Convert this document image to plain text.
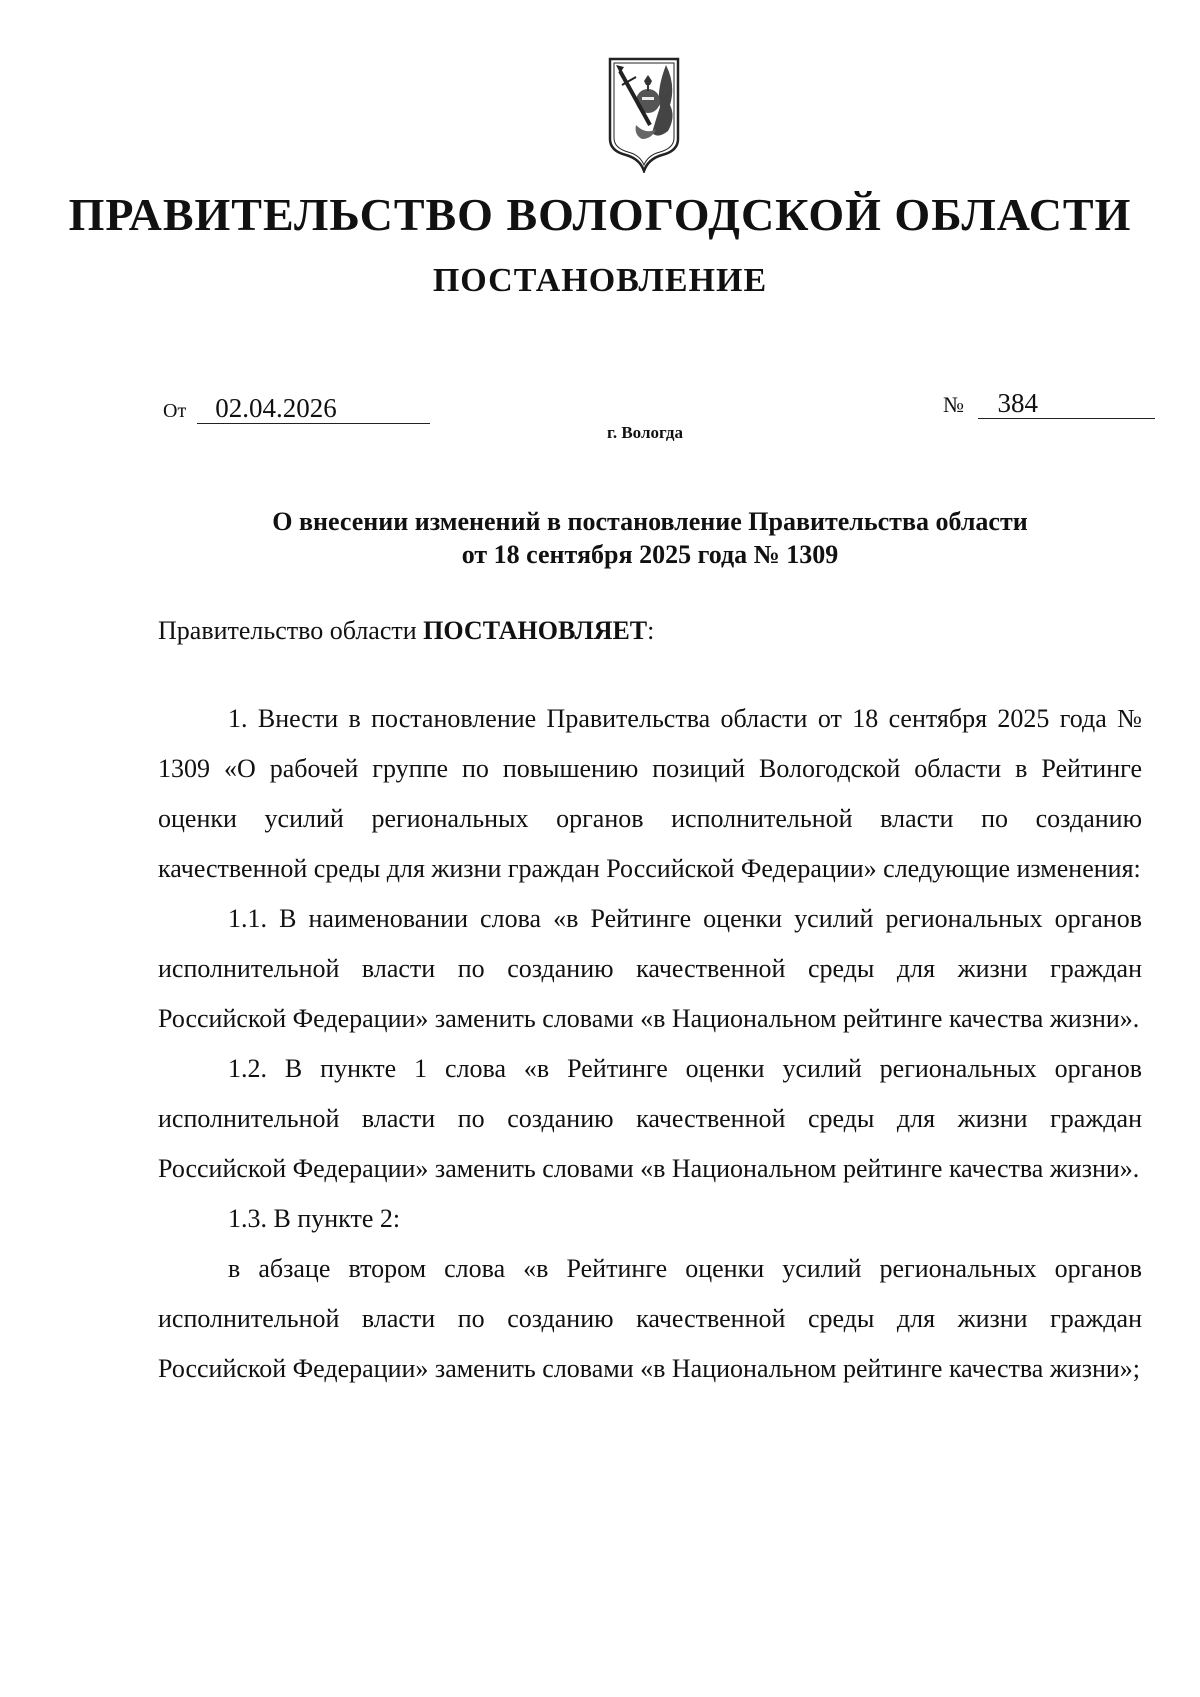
ПРАВИТЕЛЬСТВО ВОЛОГОДСКОЙ ОБЛАСТИ
ПОСТАНОВЛЕНИЕ
От 02.04.2026	№ 384
г. Вологда
О внесении изменений в постановление Правительства области
от 18 сентября 2025 года № 1309
Правительство области ПОСТАНОВЛЯЕТ:

1. Внести в постановление Правительства области от 18 сентября 2025 года № 1309 «О рабочей группе по повышению позиций Вологодской области в Рейтинге оценки усилий региональных органов исполнительной власти по созданию качественной среды для жизни граждан Российской Федерации» следующие изменения:

1.1. В наименовании слова «в Рейтинге оценки усилий региональных органов исполнительной власти по созданию качественной среды для жизни граждан Российской Федерации» заменить словами «в Национальном рейтинге качества жизни».

1.2. В пункте 1 слова «в Рейтинге оценки усилий региональных органов исполнительной власти по созданию качественной среды для жизни граждан Российской Федерации» заменить словами «в Национальном рейтинге качества жизни».

1.3. В пункте 2:

в абзаце втором слова «в Рейтинге оценки усилий региональных органов исполнительной власти по созданию качественной среды для жизни граждан Российской Федерации» заменить словами «в Национальном рейтинге качества жизни»;
